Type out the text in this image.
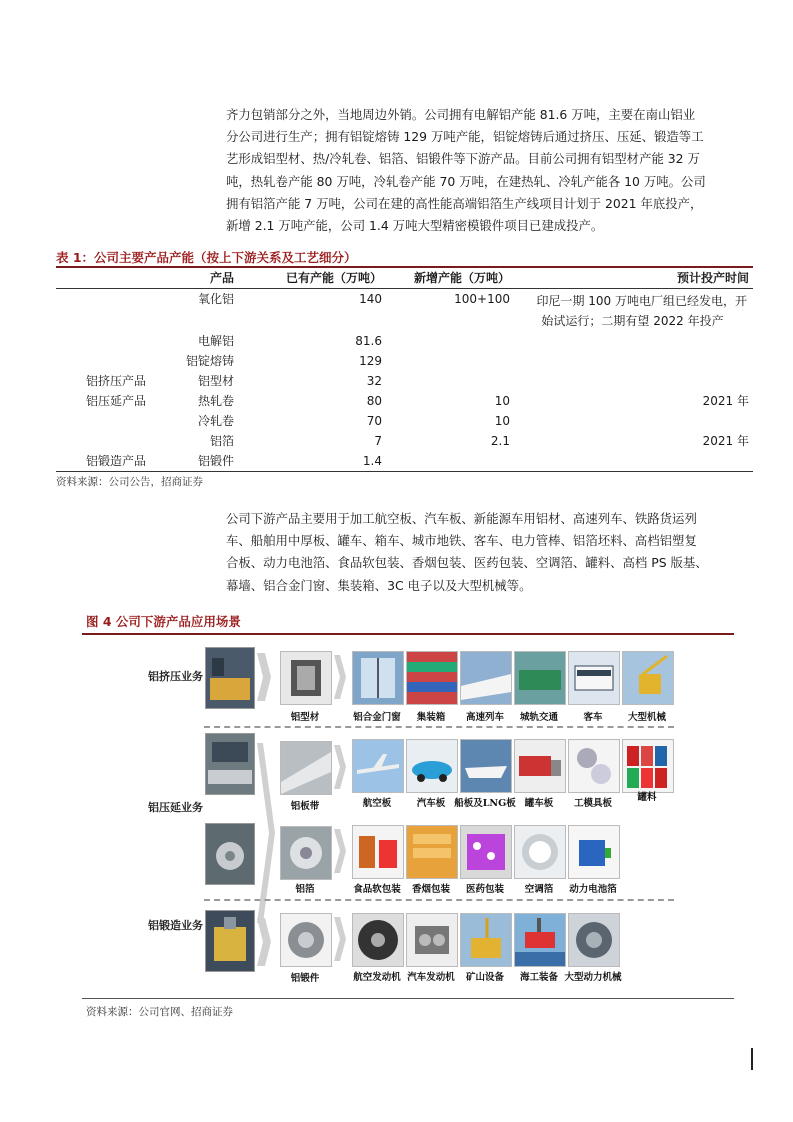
齐力包销部分之外，当地周边外销。公司拥有电解铝产能 81.6 万吨，主要在南山铝业

分公司进行生产；拥有铝锭熔铸 129 万吨产能，铝锭熔铸后通过挤压、压延、锻造等工

艺形成铝型材、热/冷轧卷、铝箔、铝锻件等下游产品。目前公司拥有铝型材产能 32 万

吨，热轧卷产能 80 万吨，冷轧卷产能 70 万吨，在建热轧、冷轧产能各 10 万吨。公司

拥有铝箔产能 7 万吨，公司在建的高性能高端铝箔生产线项目计划于 2021 年底投产，

新增 2.1 万吨产能，公司 1.4 万吨大型精密模锻件项目已建成投产。

表 1：公司主要产品产能（按上下游关系及工艺细分）
	产品	已有产能（万吨）	新增产能（万吨）	预计投产时间
	氧化铝	140	100+100	印尼一期 100 万吨电厂组已经发电，开
始试运行；二期有望 2022 年投产

	电解铝	81.6		
	铝锭熔铸	129		
铝挤压产品	铝型材	32		
铝压延产品	热轧卷	80	10	2021 年
	冷轧卷	70	10	
	铝箔	7	2.1	2021 年
铝锻造产品	铝锻件	1.4		
资料来源：公司公告，招商证券

公司下游产品主要用于加工航空板、汽车板、新能源车用铝材、高速列车、铁路货运列

车、船舶用中厚板、罐车、箱车、城市地铁、客车、电力管棒、铝箔坯料、高档铝塑复

合板、动力电池箔、食品软包装、香烟包装、医药包装、空调箔、罐料、高档 PS 版基、

幕墙、铝合金门窗、集装箱、3C 电子以及大型机械等。

图 4 公司下游产品应用场景
铝挤压业务
铝压延业务
铝锻造业务
铝型材
铝板带
铝箔
铝锻件
铝合金门窗	集装箱	高速列车	城轨交通	客车	大型机械
航空板	汽车板 船板及LNG板 罐车板	工模具板
罐料
食品软包装	香烟包装	医药包装	空调箔	动力电池箔
航空发动机 汽车发动机	矿山设备	海工装备 大型动力机械
资料来源：公司官网、招商证券
